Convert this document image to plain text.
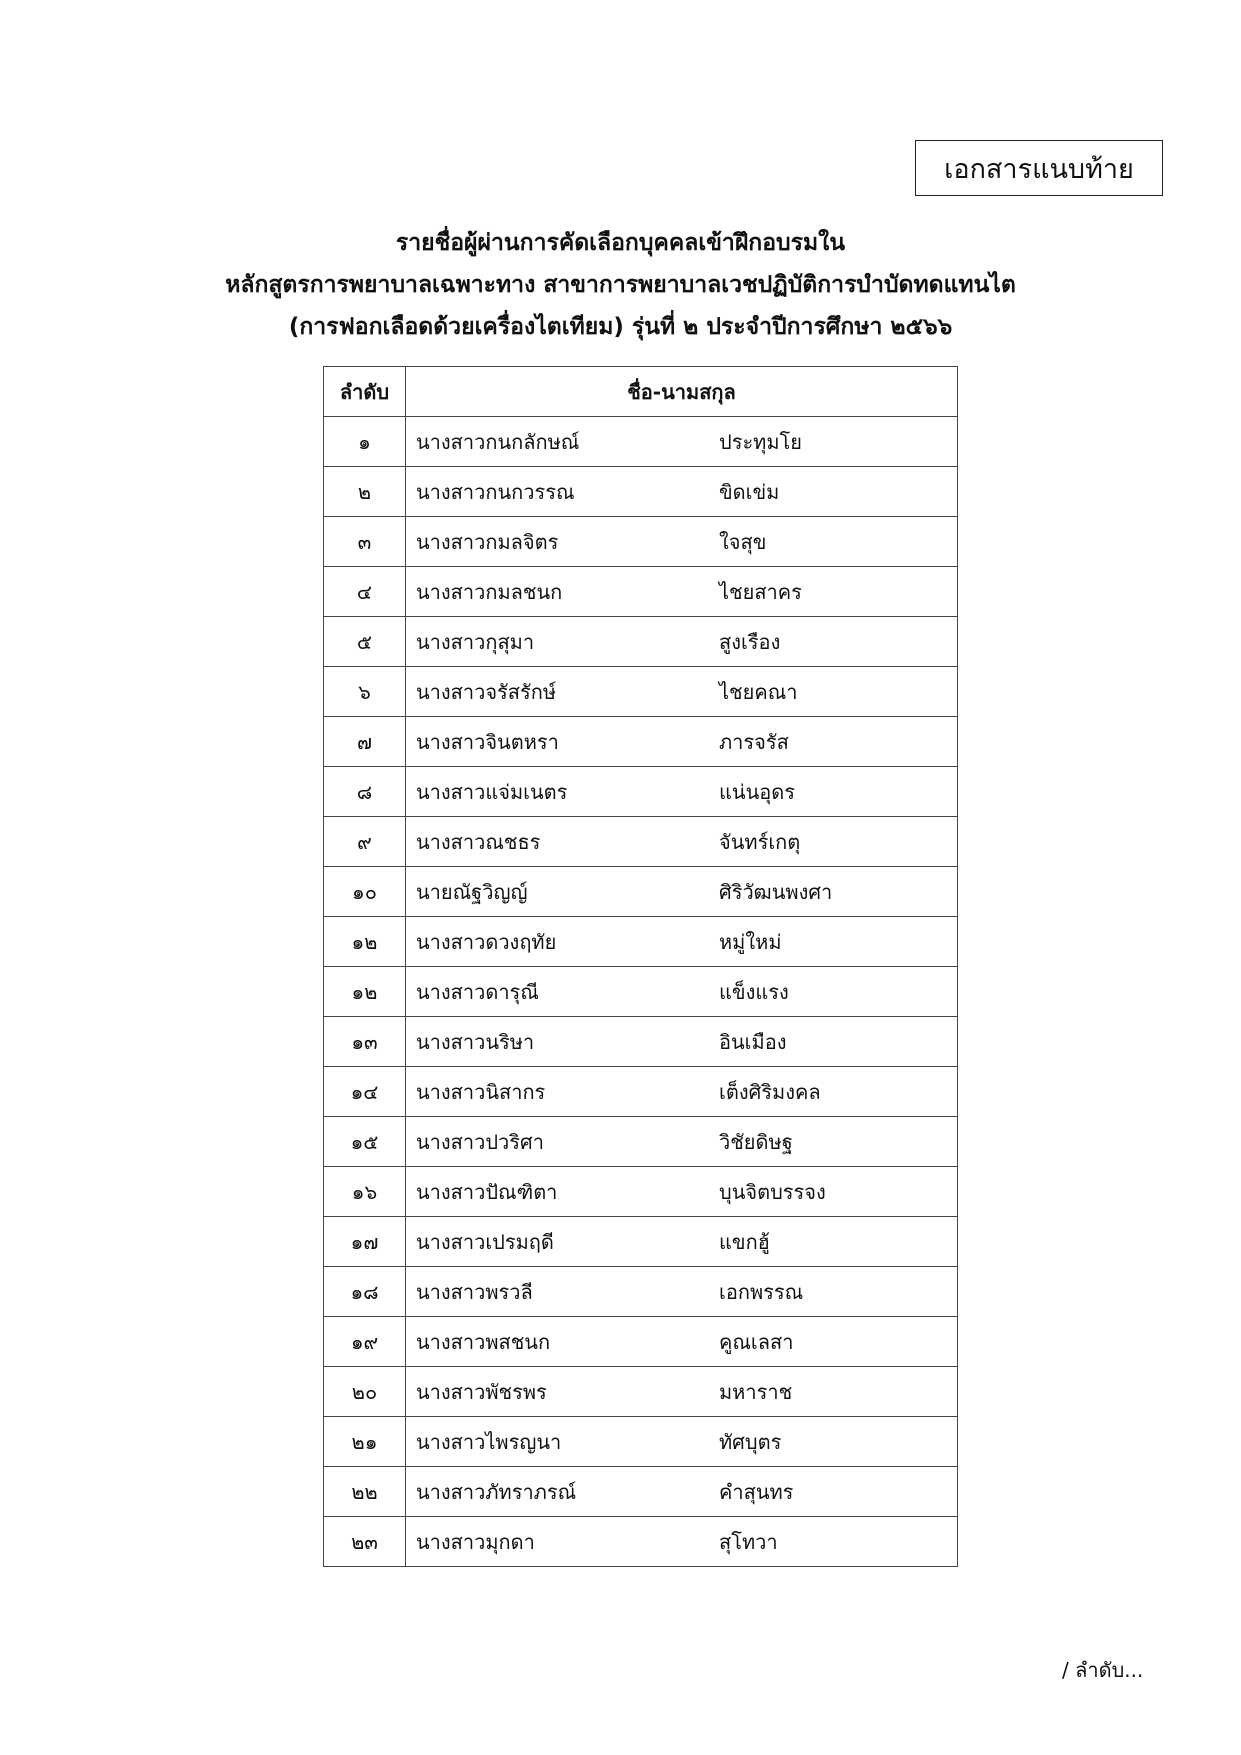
เอกสารแนบท้าย
รายชื่อผู้ผ่านการคัดเลือกบุคคลเข้าฝึกอบรมใน
หลักสูตรการพยาบาลเฉพาะทาง สาขาการพยาบาลเวชปฏิบัติการบำบัดทดแทนไต
(การฟอกเลือดด้วยเครื่องไตเทียม) รุ่นที่ ๒ ประจำปีการศึกษา ๒๕๖๖
ลำดับ	ชื่อ-นามสกุล
๑	นางสาวกนกลักษณ์ ประทุมโย

๒	นางสาวกนกวรรณ ขิดเข่ม

๓	นางสาวกมลจิตร ใจสุข

๔	นางสาวกมลชนก ไชยสาคร

๕	นางสาวกุสุมา สูงเรือง

๖	นางสาวจรัสรักษ์ ไชยคณา

๗	นางสาวจินตหรา ภารจรัส

๘	นางสาวแจ่มเนตร แน่นอุดร

๙	นางสาวณชธร จันทร์เกตุ

๑๐	นายณัฐวิญญ์ ศิริวัฒนพงศา

๑๒	นางสาวดวงฤทัย หมู่ใหม่

๑๒	นางสาวดารุณี แข็งแรง

๑๓	นางสาวนริษา อินเมือง

๑๔	นางสาวนิสากร เต็งศิริมงคล

๑๕	นางสาวปวริศา วิชัยดิษฐ

๑๖	นางสาวปัณฑิตา บุนจิตบรรจง

๑๗	นางสาวเปรมฤดี แขกฮู้

๑๘	นางสาวพรวลี เอกพรรณ

๑๙	นางสาวพสชนก คูณเลสา

๒๐	นางสาวพัชรพร มหาราช

๒๑	นางสาวไพรญนา ทัศบุตร

๒๒	นางสาวภัทราภรณ์ คำสุนทร

๒๓	นางสาวมุกดา สุโทวา
/ ลำดับ...
